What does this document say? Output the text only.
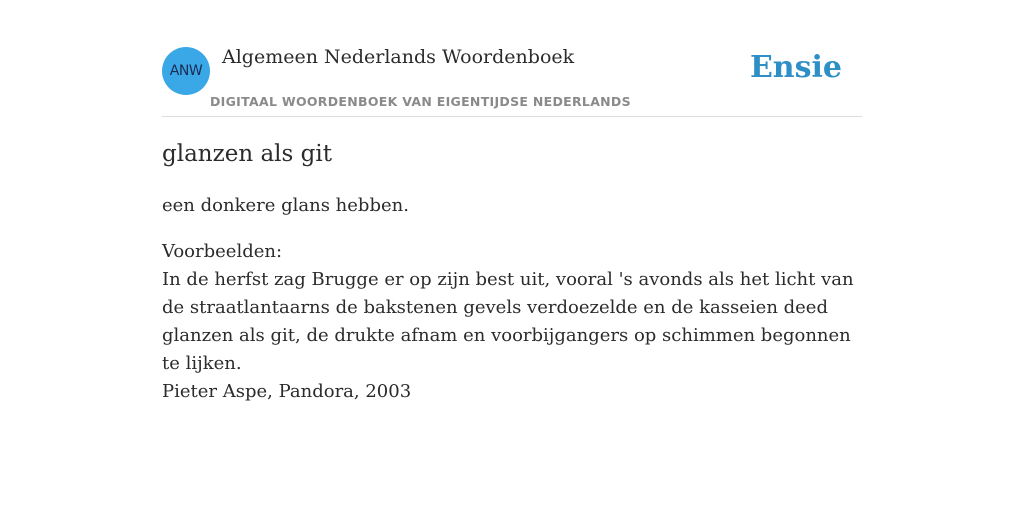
ANW
Algemeen Nederlands Woordenboek
DIGITAAL WOORDENBOEK VAN EIGENTIJDSE NEDERLANDS
Ensie
glanzen als git

een donkere glans hebben.

Voorbeelden:
In de herfst zag Brugge er op zijn best uit, vooral 's avonds als het licht van de straatlantaarns de bakstenen gevels verdoezelde en de kasseien deed glanzen als git, de drukte afnam en voorbijgangers op schimmen begonnen te lijken.
Pieter Aspe, Pandora, 2003
